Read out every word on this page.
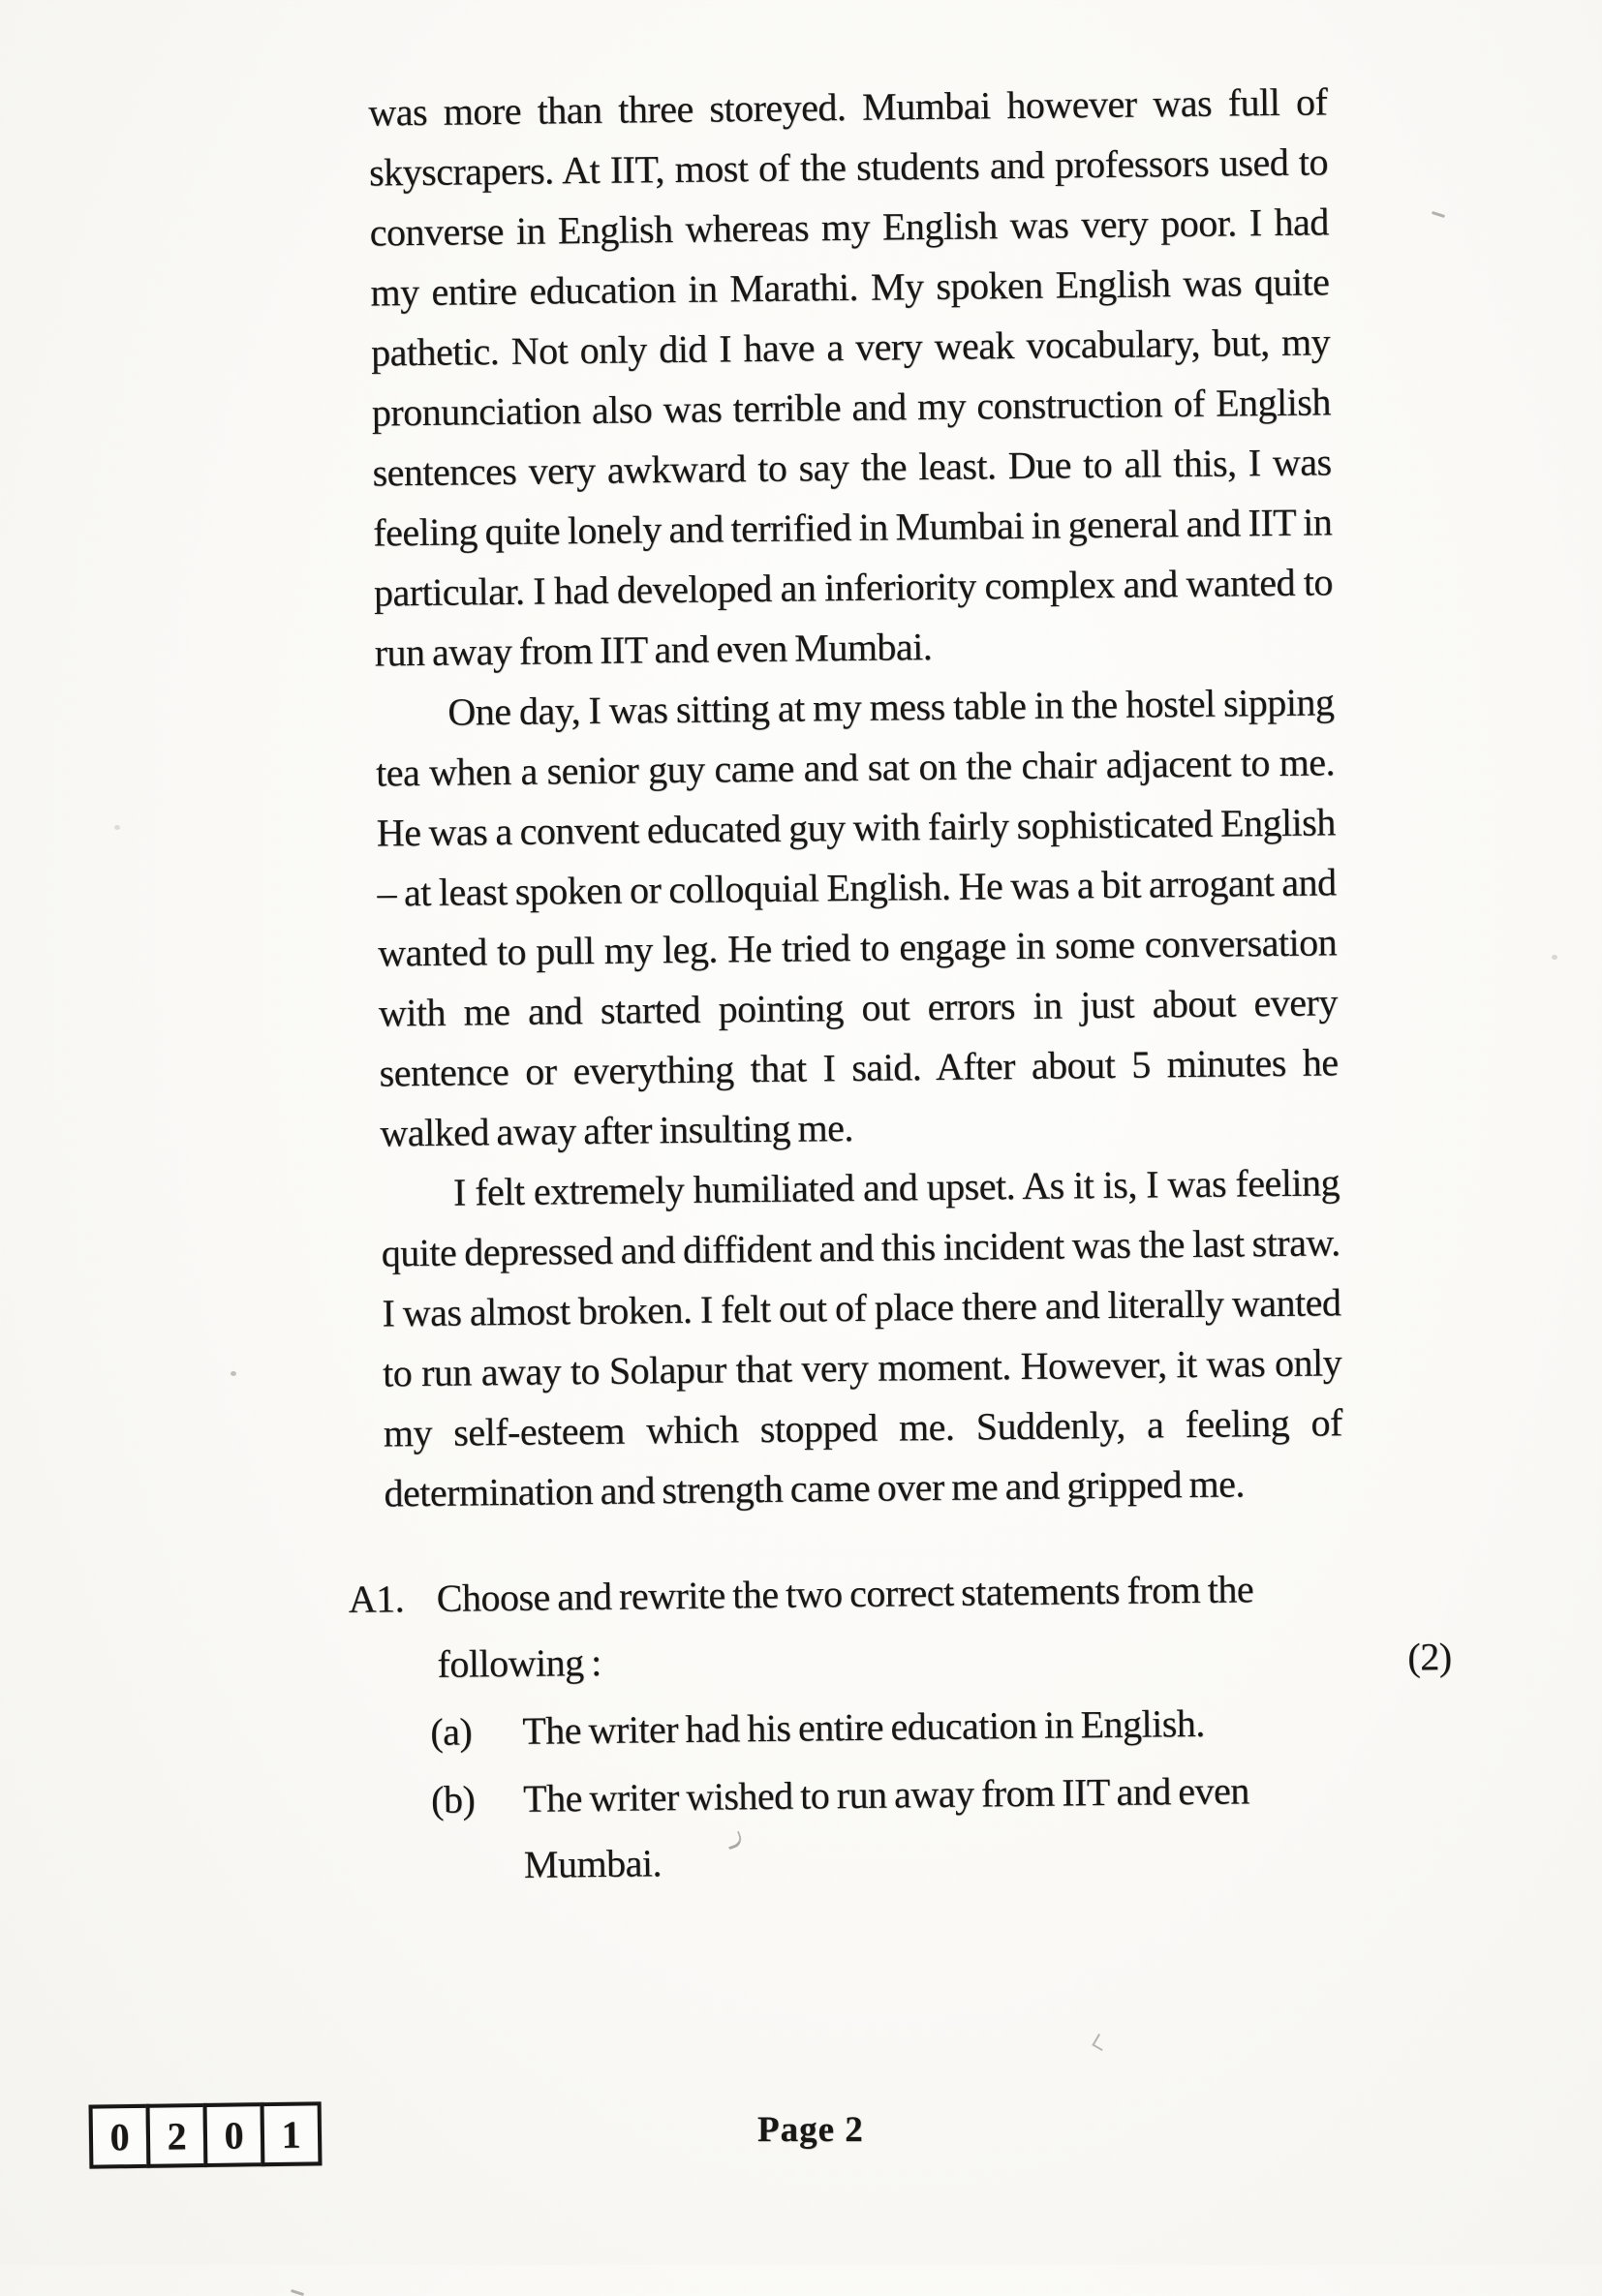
was more than three storeyed. Mumbai however was full of skyscrapers. At IIT, most of the students and professors used to converse in English whereas my English was very poor. I had my entire education in Marathi. My spoken English was quite pathetic. Not only did I have a very weak vocabulary, but, my pronunciation also was terrible and my construction of English sentences very awkward to say the least. Due to all this, I was feeling quite lonely and terrified in Mumbai in general and IIT in particular. I had developed an inferiority complex and wanted to run away from IIT and even Mumbai.

One day, I was sitting at my mess table in the hostel sipping tea when a senior guy came and sat on the chair adjacent to me. He was a convent educated guy with fairly sophisticated English – at least spoken or colloquial English. He was a bit arrogant and wanted to pull my leg. He tried to engage in some conversation with me and started pointing out errors in just about every sentence or everything that I said. After about 5 minutes he walked away after insulting me.

I felt extremely humiliated and upset. As it is, I was feeling quite depressed and diffident and this incident was the last straw. I was almost broken. I felt out of place there and literally wanted to run away to Solapur that very moment. However, it was only my self-esteem which stopped me. Suddenly, a feeling of determination and strength came over me and gripped me.

A1. Choose and rewrite the two correct statements from the following :	(2)
(a)	The writer had his entire education in English.
(b)	The writer wished to run away from IIT and even Mumbai.
Page 2
0 2 0 1
